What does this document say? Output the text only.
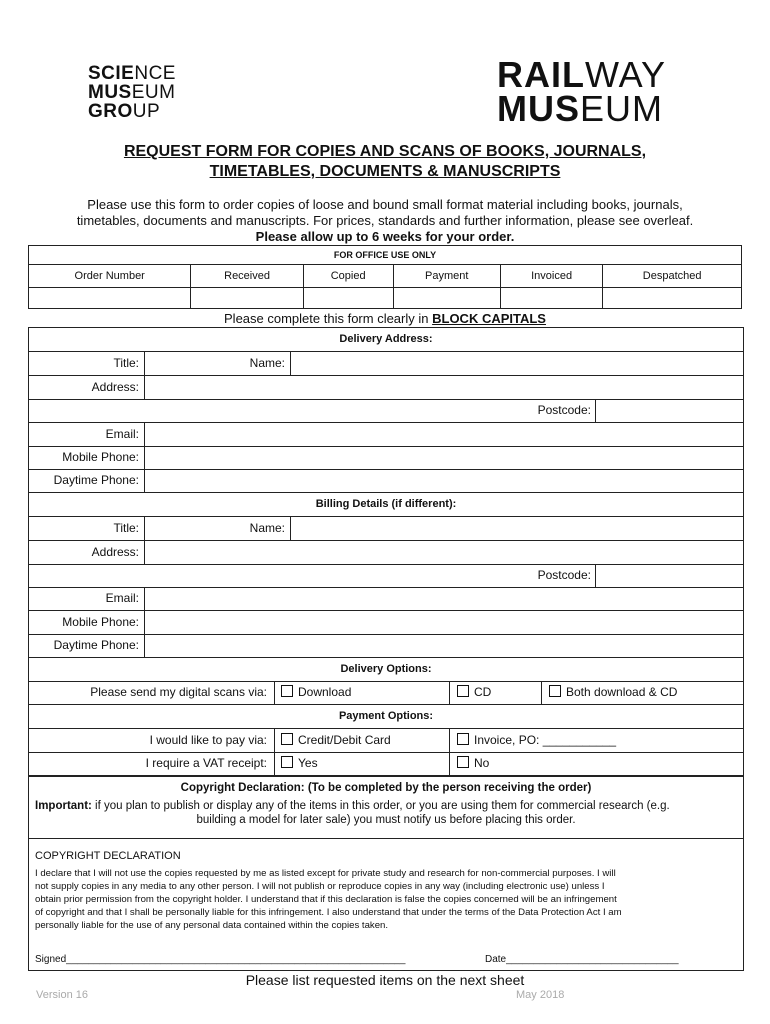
SCIENCE
MUSEUM
GROUP
RAILWAY
MUSEUM
REQUEST FORM FOR COPIES AND SCANS OF BOOKS, JOURNALS,
TIMETABLES, DOCUMENTS & MANUSCRIPTS
Please use this form to order copies of loose and bound small format material including books, journals,
timetables, documents and manuscripts. For prices, standards and further information, please see overleaf.
Please allow up to 6 weeks for your order.
FOR OFFICE USE ONLY					
Order Number	Received	Copied	Payment	Invoiced	Despatched

Please complete this form clearly in BLOCK CAPITALS
Delivery Address:
Title:	Name:
Address:
Postcode:
Email:
Mobile Phone:
Daytime Phone:
Billing Details (if different):
Title:	Name:
Address:
Postcode:
Email:
Mobile Phone:
Daytime Phone:
Delivery Options:
Please send my digital scans via:	Download	CD	Both download & CD
Payment Options:
I would like to pay via:	Credit/Debit Card	Invoice, PO: ___________
I require a VAT receipt:	Yes	No
Copyright Declaration: (To be completed by the person receiving the order)
Important: if you plan to publish or display any of the items in this order, or you are using them for commercial research (e.g.
building a model for later sale) you must notify us before placing this order.
COPYRIGHT DECLARATION
I declare that I will not use the copies requested by me as listed except for private study and research for non-commercial purposes. I will
not supply copies in any media to any other person. I will not publish or reproduce copies in any way (including electronic use) unless I
obtain prior permission from the copyright holder. I understand that if this declaration is false the copies concerned will be an infringement
of copyright and that I shall be personally liable for this infringement. I also understand that under the terms of the Data Protection Act I am
personally liable for the use of any personal data contained within the copies taken.
Signed_____________________________________________________________	Date_______________________________
Please list requested items on the next sheet
Version 16	May 2018
